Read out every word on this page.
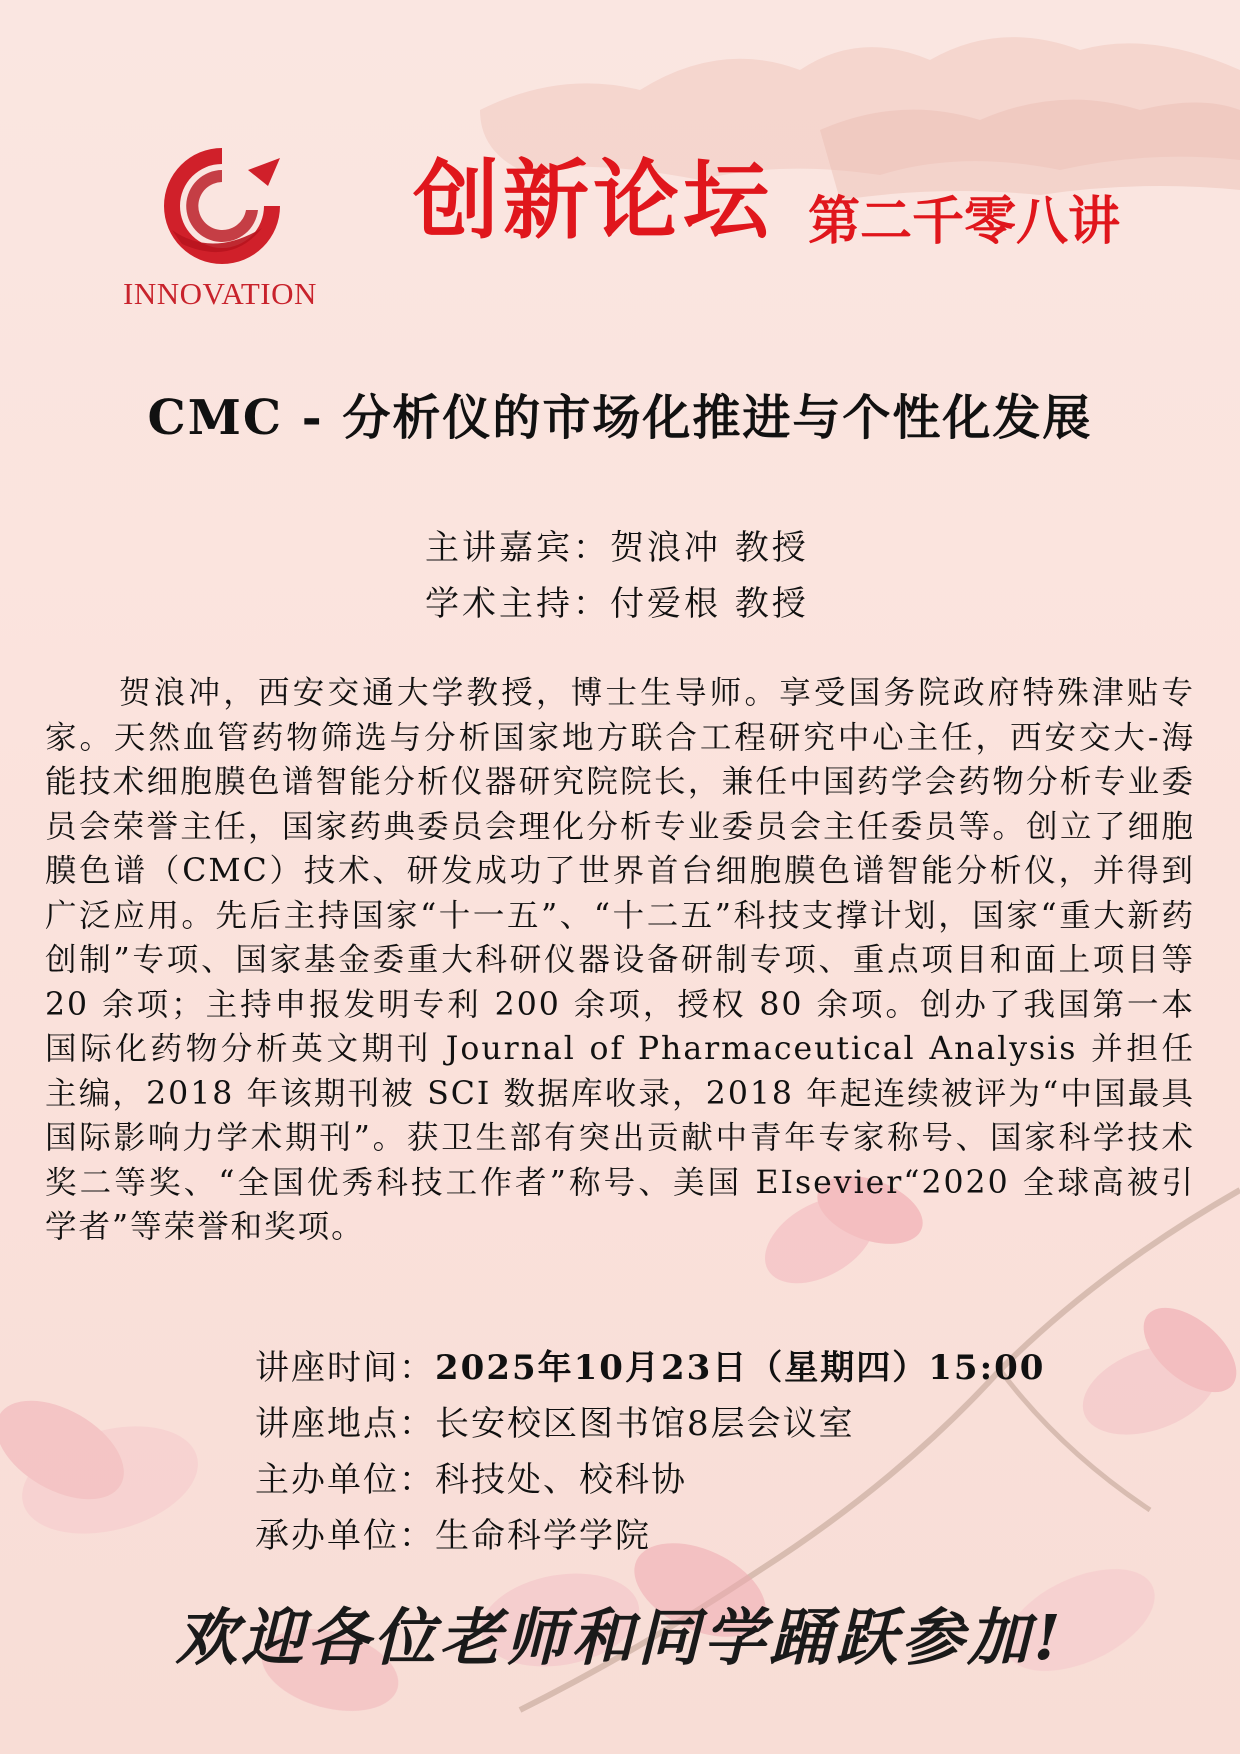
INNOVATION
创新论坛 第二千零八讲
CMC - 分析仪的市场化推进与个性化发展
主讲嘉宾：贺浪冲 教授
学术主持：付爱根 教授

贺浪冲，西安交通大学教授，博士生导师。享受国务院政府特殊津贴专家。天然血管药物筛选与分析国家地方联合工程研究中心主任，西安交大-海能技术细胞膜色谱智能分析仪器研究院院长，兼任中国药学会药物分析专业委员会荣誉主任，国家药典委员会理化分析专业委员会主任委员等。创立了细胞膜色谱（CMC）技术、研发成功了世界首台细胞膜色谱智能分析仪，并得到广泛应用。先后主持国家“十一五”、“十二五”科技支撑计划，国家“重大新药创制”专项、国家基金委重大科研仪器设备研制专项、重点项目和面上项目等 20 余项；主持申报发明专利 200 余项，授权 80 余项。创办了我国第一本国际化药物分析英文期刊 Journal of Pharmaceutical Analysis 并担任主编，2018 年该期刊被 SCI 数据库收录，2018 年起连续被评为“中国最具国际影响力学术期刊”。获卫生部有突出贡献中青年专家称号、国家科学技术奖二等奖、“全国优秀科技工作者”称号、美国 EIsevier“2020 全球高被引学者”等荣誉和奖项。

讲座时间：2025年10月23日（星期四）15:00
讲座地点：长安校区图书馆8层会议室
主办单位：科技处、校科协
承办单位：生命科学学院
欢迎各位老师和同学踊跃参加!
